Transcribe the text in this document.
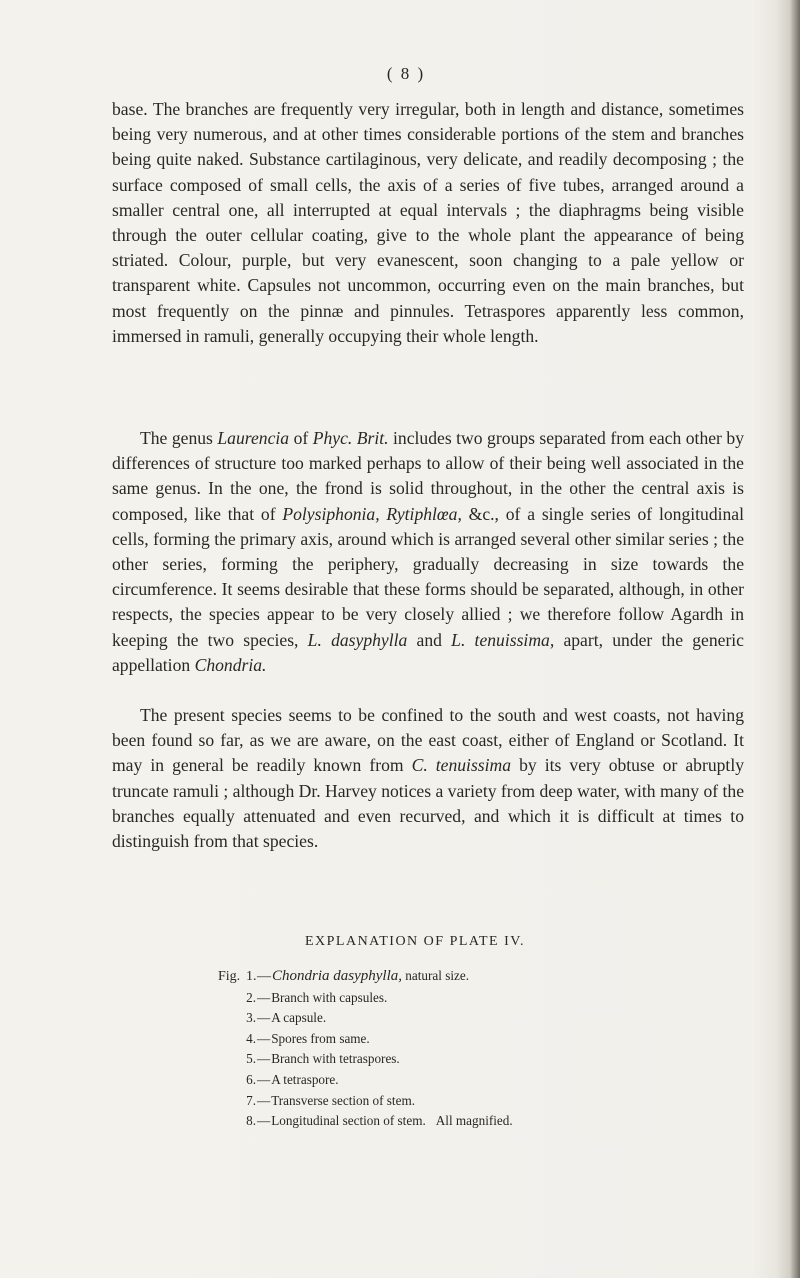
( 8 )

base. The branches are frequently very irregular, both in length and distance, sometimes being very numerous, and at other times considerable portions of the stem and branches being quite naked. Substance cartilaginous, very delicate, and readily decomposing ; the surface composed of small cells, the axis of a series of five tubes, arranged around a smaller central one, all interrupted at equal intervals ; the diaphragms being visible through the outer cellular coating, give to the whole plant the appearance of being striated. Colour, purple, but very evanescent, soon changing to a pale yellow or transparent white. Capsules not uncommon, occurring even on the main branches, but most frequently on the pinnæ and pinnules. Tetraspores apparently less common, immersed in ramuli, generally occupying their whole length.

The genus Laurencia of Phyc. Brit. includes two groups separated from each other by differences of structure too marked perhaps to allow of their being well associated in the same genus. In the one, the frond is solid throughout, in the other the central axis is composed, like that of Polysiphonia, Rytiphlœa, &c., of a single series of longitudinal cells, forming the primary axis, around which is arranged several other similar series ; the other series, forming the periphery, gradually decreasing in size towards the circumference. It seems desirable that these forms should be separated, although, in other respects, the species appear to be very closely allied ; we therefore follow Agardh in keeping the two species, L. dasyphylla and L. tenuissima, apart, under the generic appellation Chondria.

The present species seems to be confined to the south and west coasts, not having been found so far, as we are aware, on the east coast, either of England or Scotland. It may in general be readily known from C. tenuissima by its very obtuse or abruptly truncate ramuli ; although Dr. Harvey notices a variety from deep water, with many of the branches equally attenuated and even recurved, and which it is difficult at times to distinguish from that species.

EXPLANATION OF PLATE IV.
Fig. 1.—Chondria dasyphylla, natural size.
2.—Branch with capsules.
3.—A capsule.
4.—Spores from same.
5.—Branch with tetraspores.
6.—A tetraspore.
7.—Transverse section of stem.
8.—Longitudinal section of stem. All magnified.
